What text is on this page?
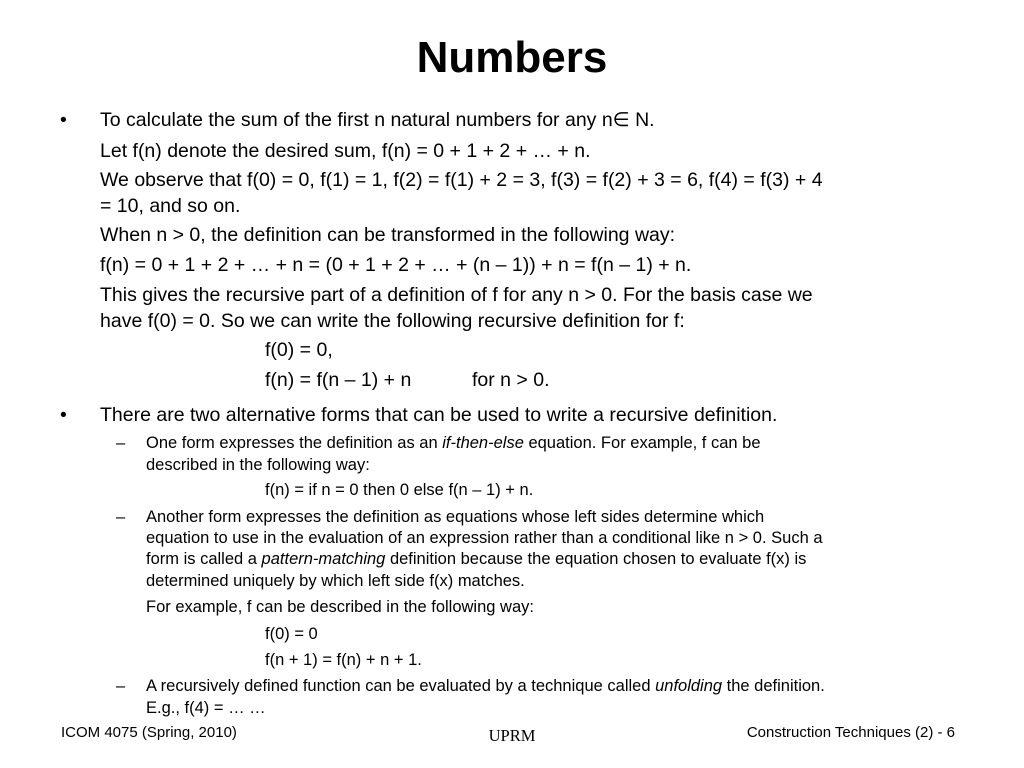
Numbers
• To calculate the sum of the first n natural numbers for any n∈ N.
Let f(n) denote the desired sum, f(n) = 0 + 1 + 2 + … + n.
We observe that f(0) = 0, f(1) = 1, f(2) = f(1) + 2 = 3, f(3) = f(2) + 3 = 6, f(4) = f(3) + 4
= 10, and so on.
When n > 0, the definition can be transformed in the following way:
f(n) = 0 + 1 + 2 + … + n = (0 + 1 + 2 + … + (n – 1)) + n = f(n – 1) + n.
This gives the recursive part of a definition of f for any n > 0. For the basis case we
have f(0) = 0. So we can write the following recursive definition for f:
f(0) = 0,
f(n) = f(n – 1) + n	for n > 0.
• There are two alternative forms that can be used to write a recursive definition.
– One form expresses the definition as an if-then-else equation. For example, f can be
described in the following way:
f(n) = if n = 0 then 0 else f(n – 1) + n.
– Another form expresses the definition as equations whose left sides determine which
equation to use in the evaluation of an expression rather than a conditional like n > 0. Such a
form is called a pattern-matching definition because the equation chosen to evaluate f(x) is
determined uniquely by which left side f(x) matches.
For example, f can be described in the following way:
f(0) = 0
f(n + 1) = f(n) + n + 1.
– A recursively defined function can be evaluated by a technique called unfolding the definition.
E.g., f(4) = … …
ICOM 4075 (Spring, 2010)	UPRM	Construction Techniques (2) - 6
